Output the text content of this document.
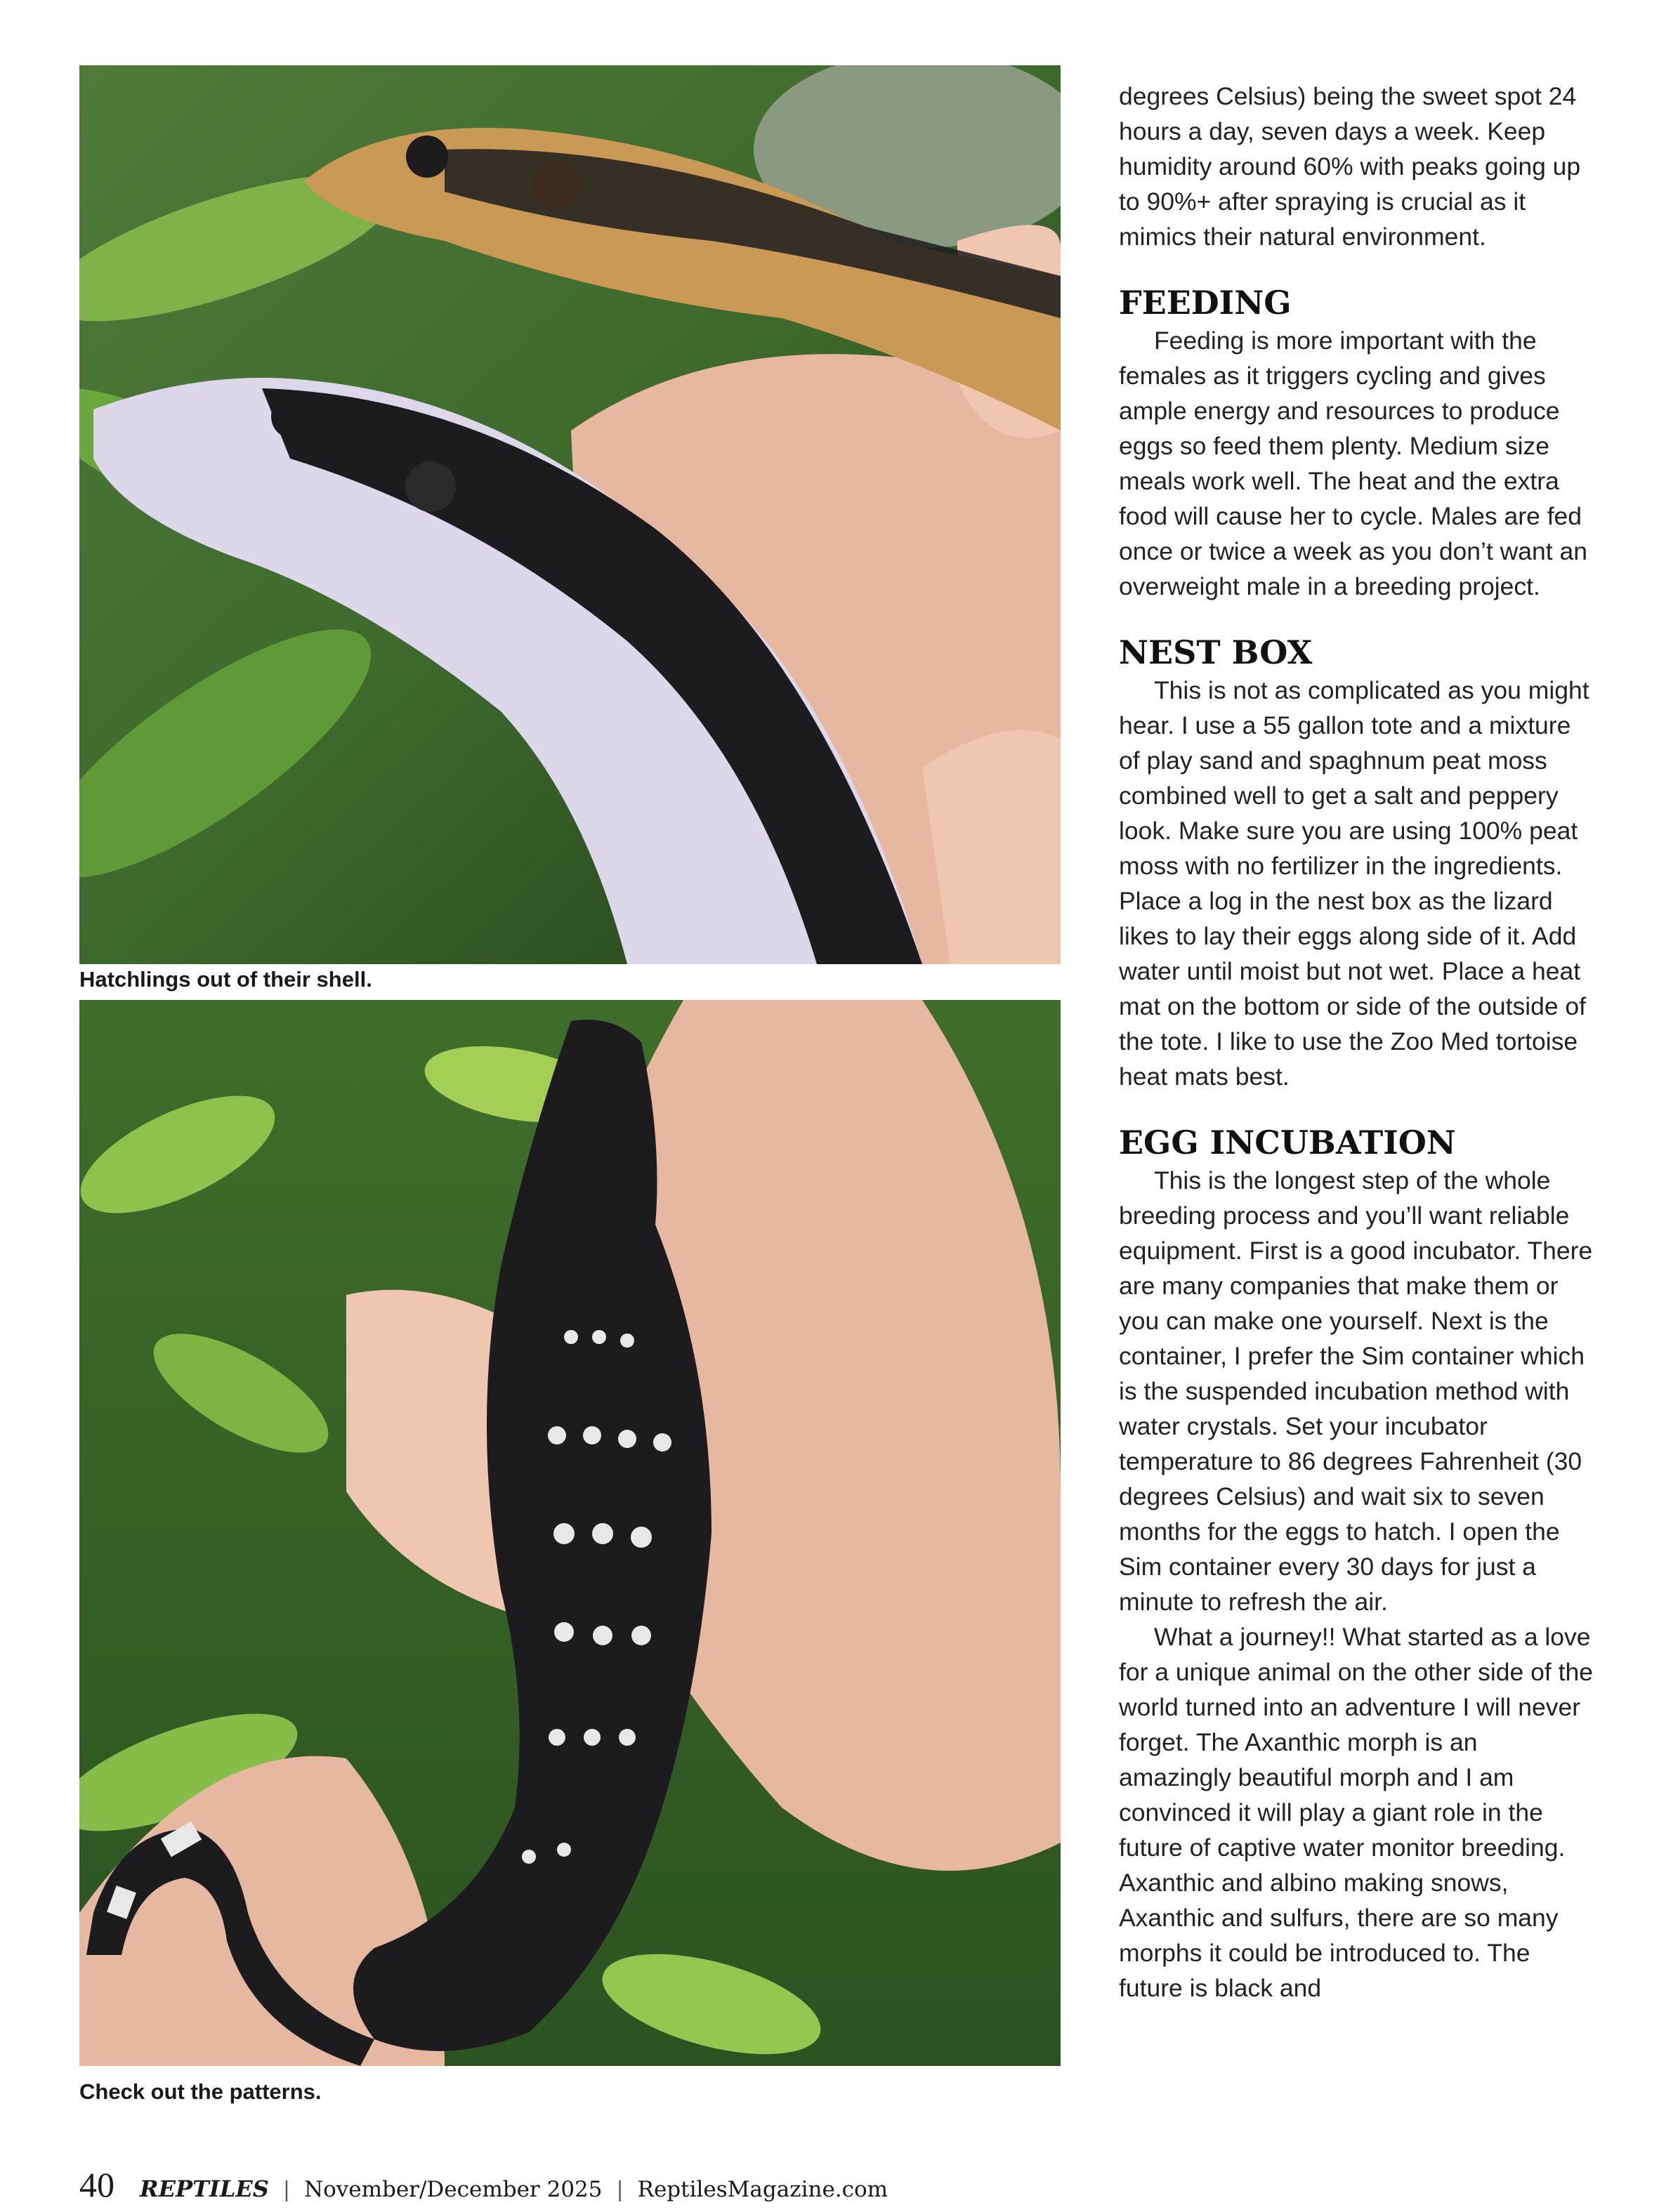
Hatchlings out of their shell.
Check out the patterns.

degrees Celsius) being the sweet spot 24 hours a day, seven days a week. Keep humidity around 60% with peaks going up to 90%+ after spraying is crucial as it mimics their natural environment.

FEEDING

Feeding is more important with the females as it triggers cycling and gives ample energy and resources to produce eggs so feed them plenty. Medium size meals work well. The heat and the extra food will cause her to cycle. Males are fed once or twice a week as you don’t want an overweight male in a breeding project.

NEST BOX

This is not as complicated as you might hear. I use a 55 gallon tote and a mixture of play sand and spaghnum peat moss combined well to get a salt and peppery look. Make sure you are using 100% peat moss with no fertilizer in the ingredients. Place a log in the nest box as the lizard likes to lay their eggs along side of it. Add water until moist but not wet. Place a heat mat on the bottom or side of the outside of the tote. I like to use the Zoo Med tortoise heat mats best.

EGG INCUBATION

This is the longest step of the whole breeding process and you’ll want reliable equipment. First is a good incubator. There are many companies that make them or you can make one yourself. Next is the container, I prefer the Sim container which is the suspended incubation method with water crystals. Set your incubator temperature to 86 degrees Fahrenheit (30 degrees Celsius) and wait six to seven months for the eggs to hatch. I open the Sim container every 30 days for just a minute to refresh the air.

What a journey!! What started as a love for a unique animal on the other side of the world turned into an adventure I will never forget. The Axanthic morph is an amazingly beautiful morph and I am convinced it will play a giant role in the future of captive water monitor breeding. Axanthic and albino making snows, Axanthic and sulfurs, there are so many morphs it could be introduced to. The future is black and

40 REPTILES | November/December 2025 | ReptilesMagazine.com
